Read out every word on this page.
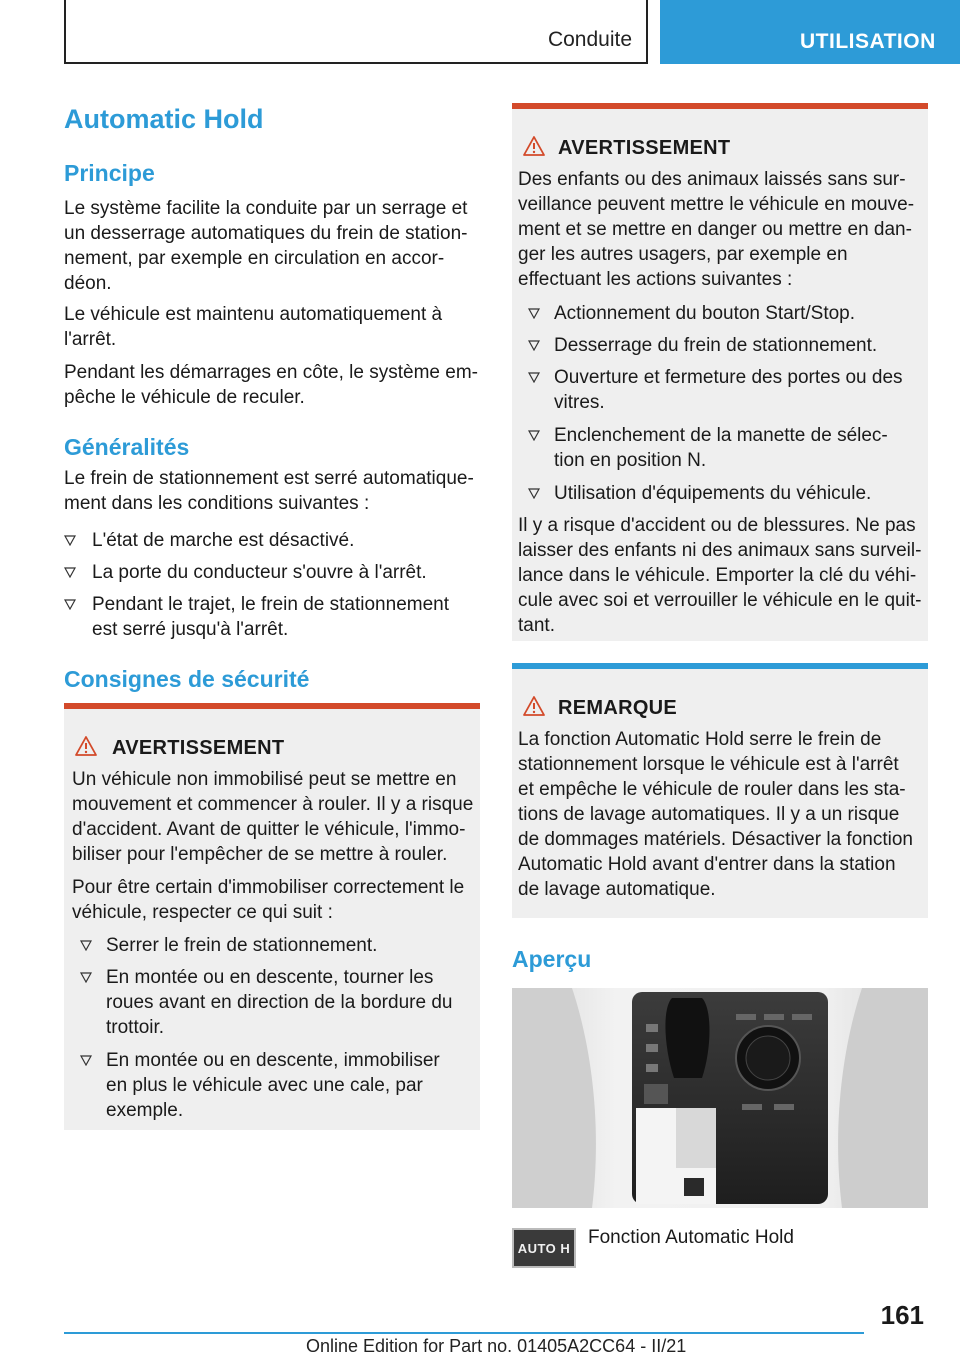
Conduite	UTILISATION
Automatic Hold
Principe
Le système facilite la conduite par un serrage et
un desserrage automatiques du frein de station-
nement, par exemple en circulation en accor-
déon.
Le véhicule est maintenu automatiquement à
l'arrêt.
Pendant les démarrages en côte, le système em-
pêche le véhicule de reculer.
Généralités
Le frein de stationnement est serré automatique-
ment dans les conditions suivantes :
L'état de marche est désactivé.
La porte du conducteur s'ouvre à l'arrêt.
Pendant le trajet, le frein de stationnement
est serré jusqu'à l'arrêt.
Consignes de sécurité
AVERTISSEMENT
Un véhicule non immobilisé peut se mettre en
mouvement et commencer à rouler. Il y a risque
d'accident. Avant de quitter le véhicule, l'immo-
biliser pour l'empêcher de se mettre à rouler.
Pour être certain d'immobiliser correctement le
véhicule, respecter ce qui suit :
Serrer le frein de stationnement.
En montée ou en descente, tourner les
roues avant en direction de la bordure du
trottoir.
En montée ou en descente, immobiliser
en plus le véhicule avec une cale, par
exemple.
AVERTISSEMENT
Des enfants ou des animaux laissés sans sur-
veillance peuvent mettre le véhicule en mouve-
ment et se mettre en danger ou mettre en dan-
ger les autres usagers, par exemple en
effectuant les actions suivantes :
Actionnement du bouton Start/Stop.
Desserrage du frein de stationnement.
Ouverture et fermeture des portes ou des
vitres.
Enclenchement de la manette de sélec-
tion en position N.
Utilisation d'équipements du véhicule.
Il y a risque d'accident ou de blessures. Ne pas
laisser des enfants ni des animaux sans surveil-
lance dans le véhicule. Emporter la clé du véhi-
cule avec soi et verrouiller le véhicule en le quit-
tant.
REMARQUE
La fonction Automatic Hold serre le frein de
stationnement lorsque le véhicule est à l'arrêt
et empêche le véhicule de rouler dans les sta-
tions de lavage automatiques. Il y a un risque
de dommages matériels. Désactiver la fonction
Automatic Hold avant d'entrer dans la station
de lavage automatique.
Aperçu
AUTO H Fonction Automatic Hold
161
Online Edition for Part no. 01405A2CC64 - II/21
